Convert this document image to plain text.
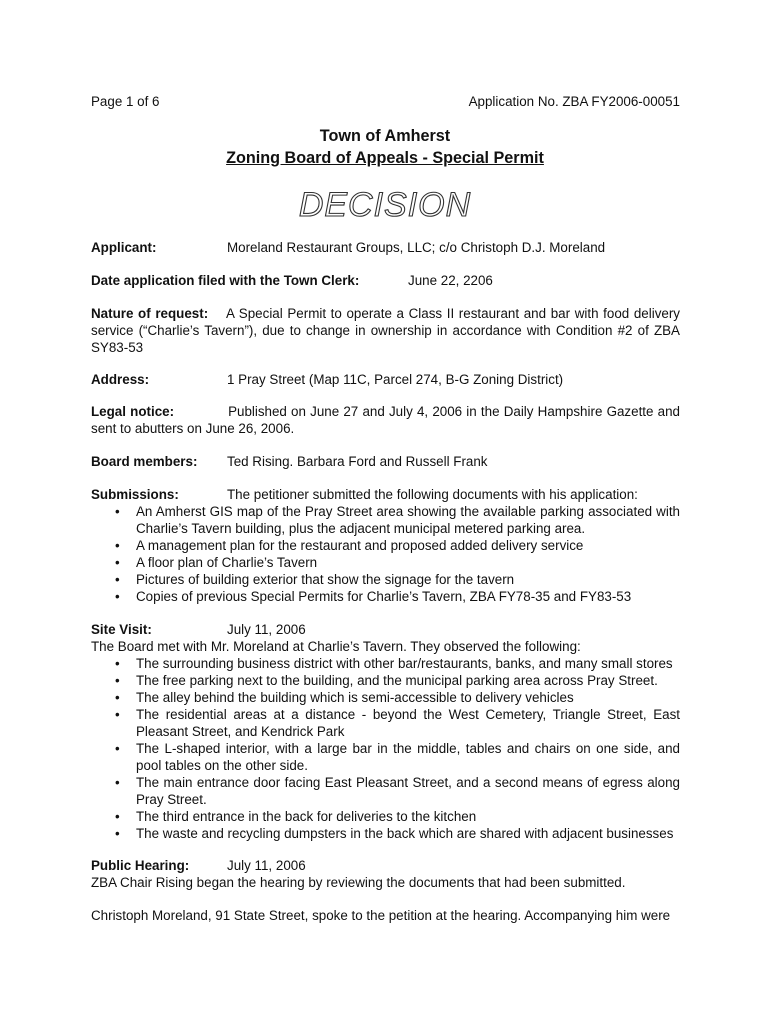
Page 1 of 6	Application No. ZBA FY2006-00051
Town of Amherst
Zoning Board of Appeals - Special Permit
DECISION
Applicant:	Moreland Restaurant Groups, LLC; c/o Christoph D.J. Moreland
Date application filed with the Town Clerk:	June 22, 2206
Nature of request: A Special Permit to operate a Class II restaurant and bar with food delivery service (“Charlie’s Tavern”), due to change in ownership in accordance with Condition #2 of ZBA SY83-53
Address:	1 Pray Street (Map 11C, Parcel 274, B-G Zoning District)
Legal notice:	Published on June 27 and July 4, 2006 in the Daily Hampshire Gazette and sent to abutters on June 26, 2006.
Board members: Ted Rising. Barbara Ford and Russell Frank
Submissions:	The petitioner submitted the following documents with his application:
• An Amherst GIS map of the Pray Street area showing the available parking associated with Charlie’s Tavern building, plus the adjacent municipal metered parking area.
• A management plan for the restaurant and proposed added delivery service
• A floor plan of Charlie’s Tavern
• Pictures of building exterior that show the signage for the tavern
• Copies of previous Special Permits for Charlie’s Tavern, ZBA FY78-35 and FY83-53
Site Visit:	July 11, 2006
The Board met with Mr. Moreland at Charlie’s Tavern. They observed the following:
• The surrounding business district with other bar/restaurants, banks, and many small stores
• The free parking next to the building, and the municipal parking area across Pray Street.
• The alley behind the building which is semi-accessible to delivery vehicles
• The residential areas at a distance - beyond the West Cemetery, Triangle Street, East Pleasant Street, and Kendrick Park
• The L-shaped interior, with a large bar in the middle, tables and chairs on one side, and pool tables on the other side.
• The main entrance door facing East Pleasant Street, and a second means of egress along Pray Street.
• The third entrance in the back for deliveries to the kitchen
• The waste and recycling dumpsters in the back which are shared with adjacent businesses
Public Hearing:	July 11, 2006
ZBA Chair Rising began the hearing by reviewing the documents that had been submitted.
Christoph Moreland, 91 State Street, spoke to the petition at the hearing. Accompanying him were
